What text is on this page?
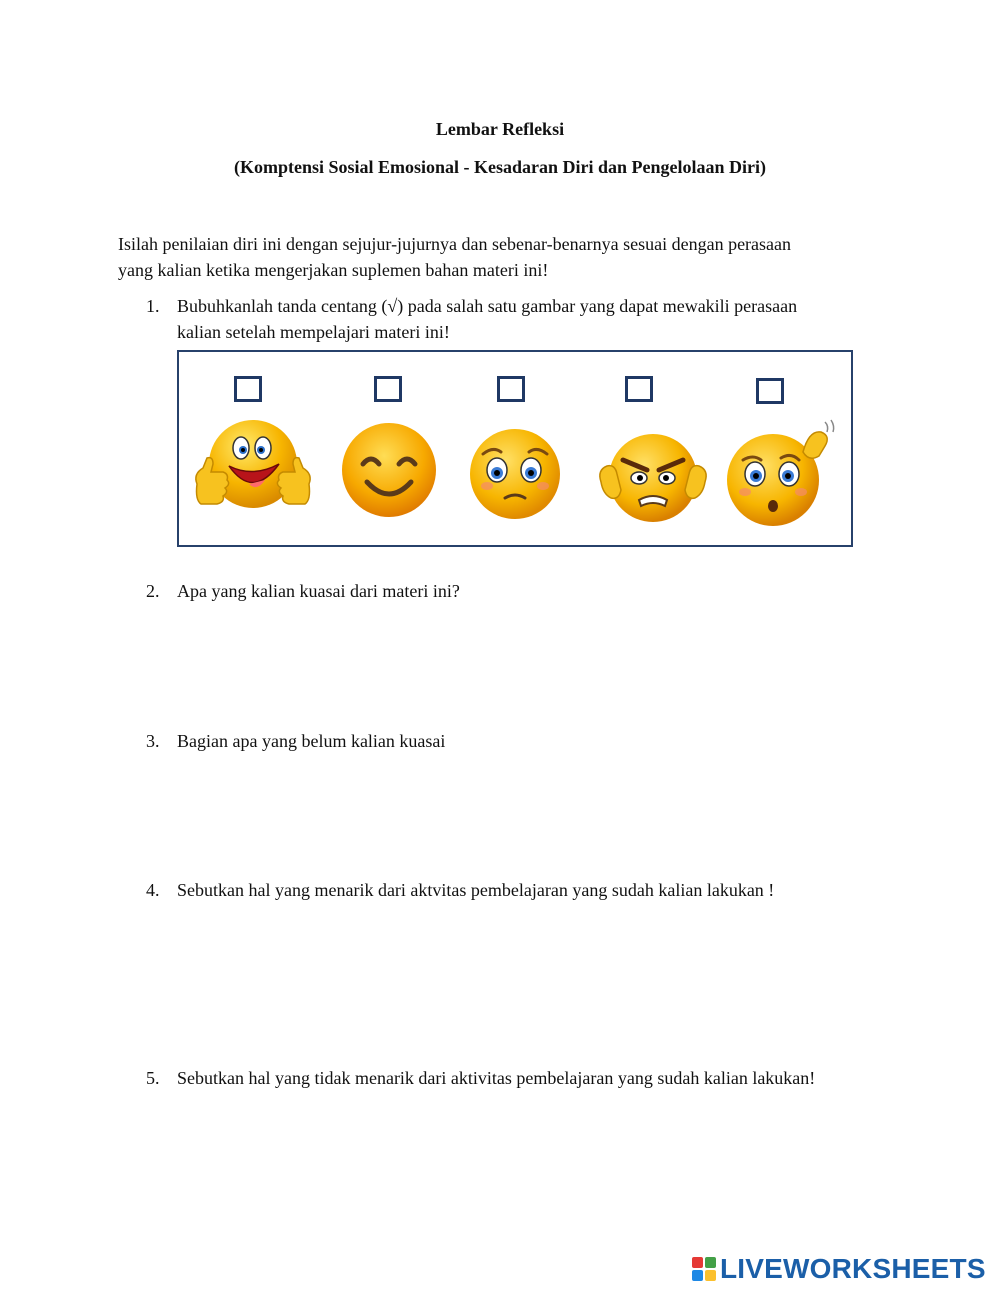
Lembar Refleksi
(Komptensi Sosial Emosional - Kesadaran Diri dan Pengelolaan Diri)
Isilah penilaian diri ini dengan sejujur-jujurnya dan sebenar-benarnya sesuai dengan perasaan
yang kalian ketika mengerjakan suplemen bahan materi ini!
1. Bubuhkanlah tanda centang (√) pada salah satu gambar yang dapat mewakili perasaan
kalian setelah mempelajari materi ini!
2. Apa yang kalian kuasai dari materi ini?
3. Bagian apa yang belum kalian kuasai
4. Sebutkan hal yang menarik dari aktvitas pembelajaran yang sudah kalian lakukan !
5. Sebutkan hal yang tidak menarik dari aktivitas pembelajaran yang sudah kalian lakukan!
LIVEWORKSHEETS
